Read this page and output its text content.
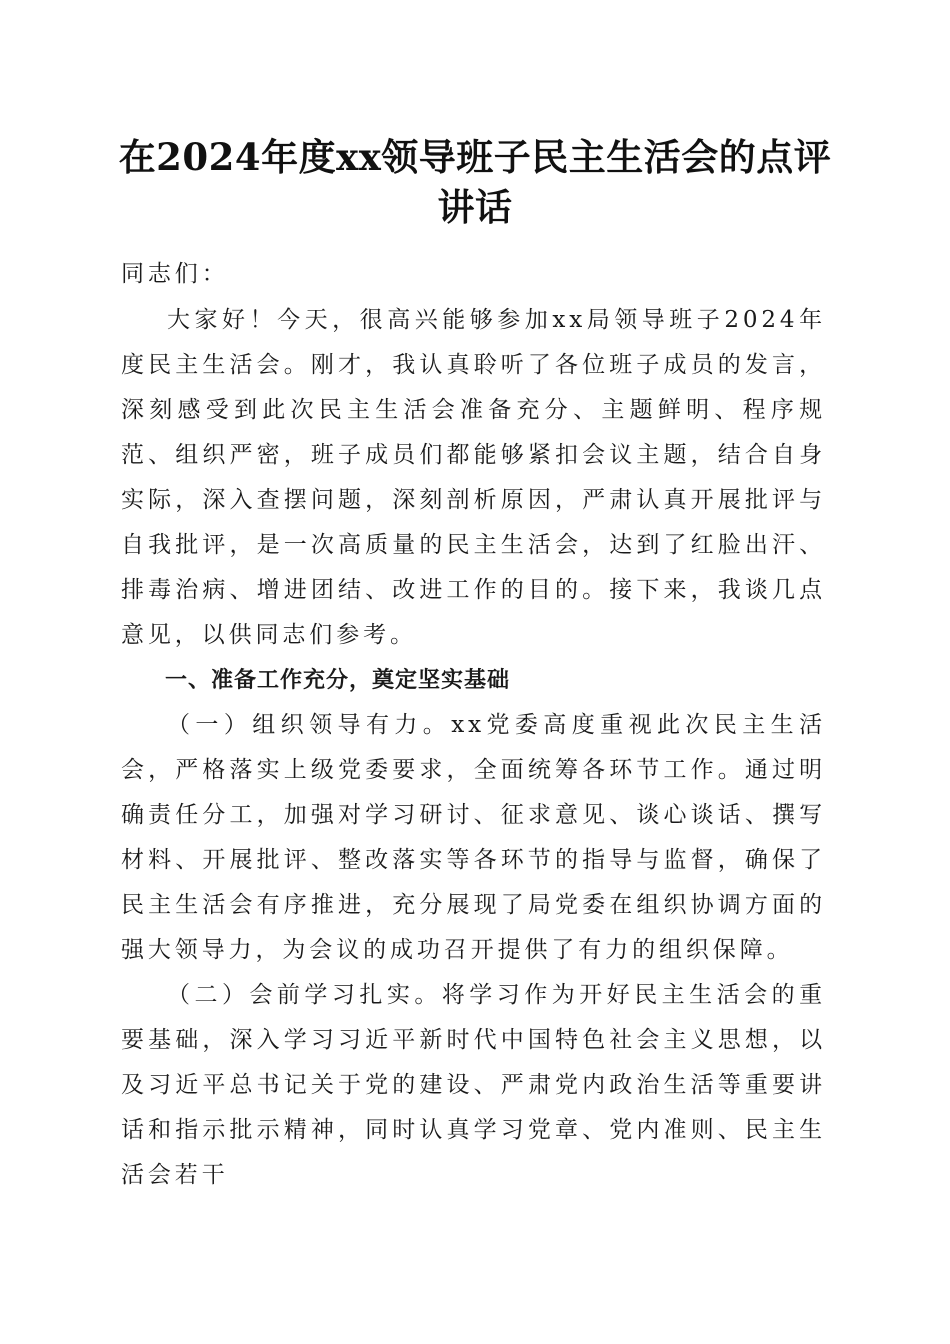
在2024年度xx领导班子民主生活会的点评讲话

同志们：

大家好！今天，很高兴能够参加xx局领导班子2024年度民主生活会。刚才，我认真聆听了各位班子成员的发言，深刻感受到此次民主生活会准备充分、主题鲜明、程序规范、组织严密，班子成员们都能够紧扣会议主题，结合自身实际，深入查摆问题，深刻剖析原因，严肃认真开展批评与自我批评，是一次高质量的民主生活会，达到了红脸出汗、排毒治病、增进团结、改进工作的目的。接下来，我谈几点意见，以供同志们参考。

一、准备工作充分，奠定坚实基础

（一）组织领导有力。xx党委高度重视此次民主生活会，严格落实上级党委要求，全面统筹各环节工作。通过明确责任分工，加强对学习研讨、征求意见、谈心谈话、撰写材料、开展批评、整改落实等各环节的指导与监督，确保了民主生活会有序推进，充分展现了局党委在组织协调方面的强大领导力，为会议的成功召开提供了有力的组织保障。

（二）会前学习扎实。将学习作为开好民主生活会的重要基础，深入学习习近平新时代中国特色社会主义思想，以及习近平总书记关于党的建设、严肃党内政治生活等重要讲话和指示批示精神，同时认真学习党章、党内准则、民主生活会若干
